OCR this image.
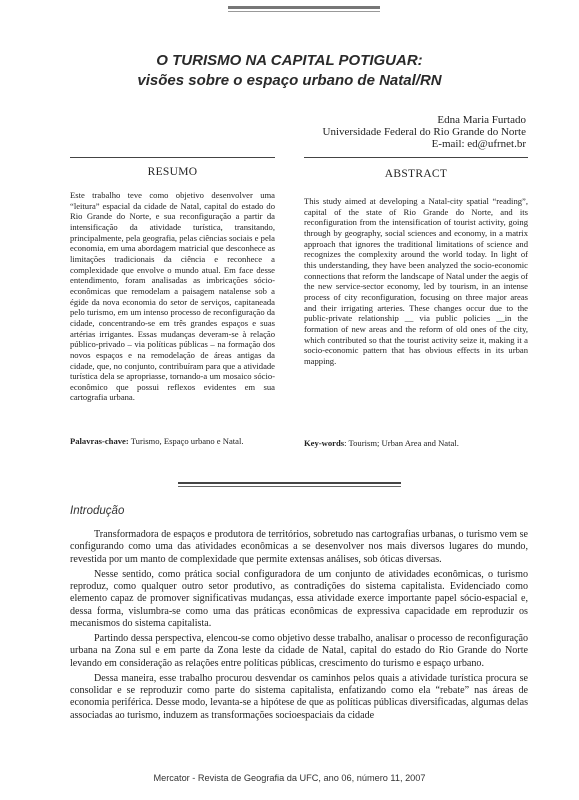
O TURISMO NA CAPITAL POTIGUAR:
visões sobre o espaço urbano de Natal/RN
Edna Maria Furtado
Universidade Federal do Rio Grande do Norte
E-mail: ed@ufrnet.br
RESUMO	ABSTRACT
Este trabalho teve como objetivo desenvolver uma “leitura” espacial da cidade de Natal, capital do estado do Rio Grande do Norte, e sua reconfiguração a partir da intensificação da atividade turística, transitando, principalmente, pela geografia, pelas ciências sociais e pela economia, em uma abordagem matricial que desconhece as limitações tradicionais da ciência e reconhece a complexidade que envolve o mundo atual. Em face desse entendimento, foram analisadas as imbricações sócio-econômicas que remodelam a paisagem natalense sob a égide da nova economia do setor de serviços, capitaneada pelo turismo, em um intenso processo de reconfiguração da cidade, concentrando-se em três grandes espaços e suas artérias irrigantes. Essas mudanças deveram-se à relação público-privado – via políticas públicas – na formação dos novos espaços e na remodelação de áreas antigas da cidade, que, no conjunto, contribuíram para que a atividade turística dela se apropriasse, tornando-a um mosaico sócio-econômico que possui reflexos evidentes em sua cartografia urbana.
This study aimed at developing a Natal-city spatial “reading”, capital of the state of Rio Grande do Norte, and its reconfiguration from the intensification of tourist activity, going through by geography, social sciences and economy, in a matrix approach that ignores the traditional limitations of science and recognizes the complexity around the world today. In light of this understanding, they have been analyzed the socio-economic connections that reform the landscape of Natal under the aegis of the new service-sector economy, led by tourism, in an intense process of city reconfiguration, focusing on three major areas and their irrigating arteries. These changes occur due to the public-private relationship __ via public policies __in the formation of new areas and the reform of old ones of the city, which contributed so that the tourist activity seize it, making it a socio-economic pattern that has obvious effects in its urban mapping.
Palavras-chave: Turismo, Espaço urbano e Natal.	Key-words: Tourism; Urban Area and Natal.
Introdução

Transformadora de espaços e produtora de territórios, sobretudo nas cartografias urbanas, o turismo vem se configurando como uma das atividades econômicas a se desenvolver nos mais diversos lugares do mundo, revestida por um manto de complexidade que permite extensas análises, sob óticas diversas.

Nesse sentido, como prática social configuradora de um conjunto de atividades econômicas, o turismo reproduz, como qualquer outro setor produtivo, as contradições do sistema capitalista. Evidenciado como elemento capaz de promover significativas mudanças, essa atividade exerce importante papel sócio-espacial e, dessa forma, vislumbra-se como uma das práticas econômicas de expressiva capacidade em reproduzir os mecanismos do sistema capitalista.

Partindo dessa perspectiva, elencou-se como objetivo desse trabalho, analisar o processo de reconfiguração urbana na Zona sul e em parte da Zona leste da cidade de Natal, capital do estado do Rio Grande do Norte levando em consideração as relações entre políticas públicas, crescimento do turismo e espaço urbano.

Dessa maneira, esse trabalho procurou desvendar os caminhos pelos quais a atividade turística procura se consolidar e se reproduzir como parte do sistema capitalista, enfatizando como ela “rebate” nas áreas de economia periférica. Desse modo, levanta-se a hipótese de que as políticas públicas diversificadas, algumas delas associadas ao turismo, induzem as transformações socioespaciais da cidade

Mercator - Revista de Geografia da UFC, ano 06, número 11, 2007
